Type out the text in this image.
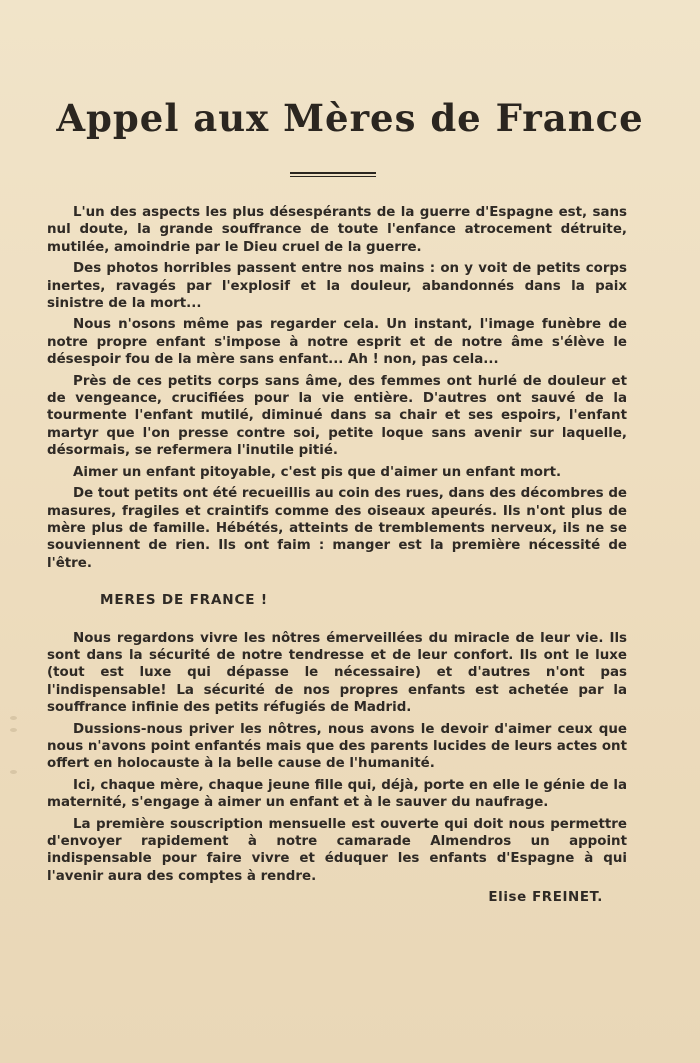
Appel aux Mères de France

L'un des aspects les plus désespérants de la guerre d'Espagne est, sans nul doute, la grande souffrance de toute l'enfance atrocement détruite, mutilée, amoindrie par le Dieu cruel de la guerre.

Des photos horribles passent entre nos mains : on y voit de petits corps inertes, ravagés par l'explosif et la douleur, abandonnés dans la paix sinistre de la mort...

Nous n'osons même pas regarder cela. Un instant, l'image funèbre de notre propre enfant s'impose à notre esprit et de notre âme s'élève le désespoir fou de la mère sans enfant... Ah ! non, pas cela...

Près de ces petits corps sans âme, des femmes ont hurlé de douleur et de vengeance, crucifiées pour la vie entière. D'autres ont sauvé de la tourmente l'enfant mutilé, diminué dans sa chair et ses espoirs, l'enfant martyr que l'on presse contre soi, petite loque sans avenir sur laquelle, désormais, se refermera l'inutile pitié.

Aimer un enfant pitoyable, c'est pis que d'aimer un enfant mort.

De tout petits ont été recueillis au coin des rues, dans des décombres de masures, fragiles et craintifs comme des oiseaux apeurés. Ils n'ont plus de mère plus de famille. Hébétés, atteints de tremblements nerveux, ils ne se souviennent de rien. Ils ont faim : manger est la première nécessité de l'être.

MERES DE FRANCE !

Nous regardons vivre les nôtres émerveillées du miracle de leur vie. Ils sont dans la sécurité de notre tendresse et de leur confort. Ils ont le luxe (tout est luxe qui dépasse le nécessaire) et d'autres n'ont pas l'indispensable! La sécurité de nos propres enfants est achetée par la souffrance infinie des petits réfugiés de Madrid.

Dussions-nous priver les nôtres, nous avons le devoir d'aimer ceux que nous n'avons point enfantés mais que des parents lucides de leurs actes ont offert en holocauste à la belle cause de l'humanité.

Ici, chaque mère, chaque jeune fille qui, déjà, porte en elle le génie de la maternité, s'engage à aimer un enfant et à le sauver du naufrage.

La première souscription mensuelle est ouverte qui doit nous permettre d'envoyer rapidement à notre camarade Almendros un appoint indispensable pour faire vivre et éduquer les enfants d'Espagne à qui l'avenir aura des comptes à rendre.

Elise FREINET.
